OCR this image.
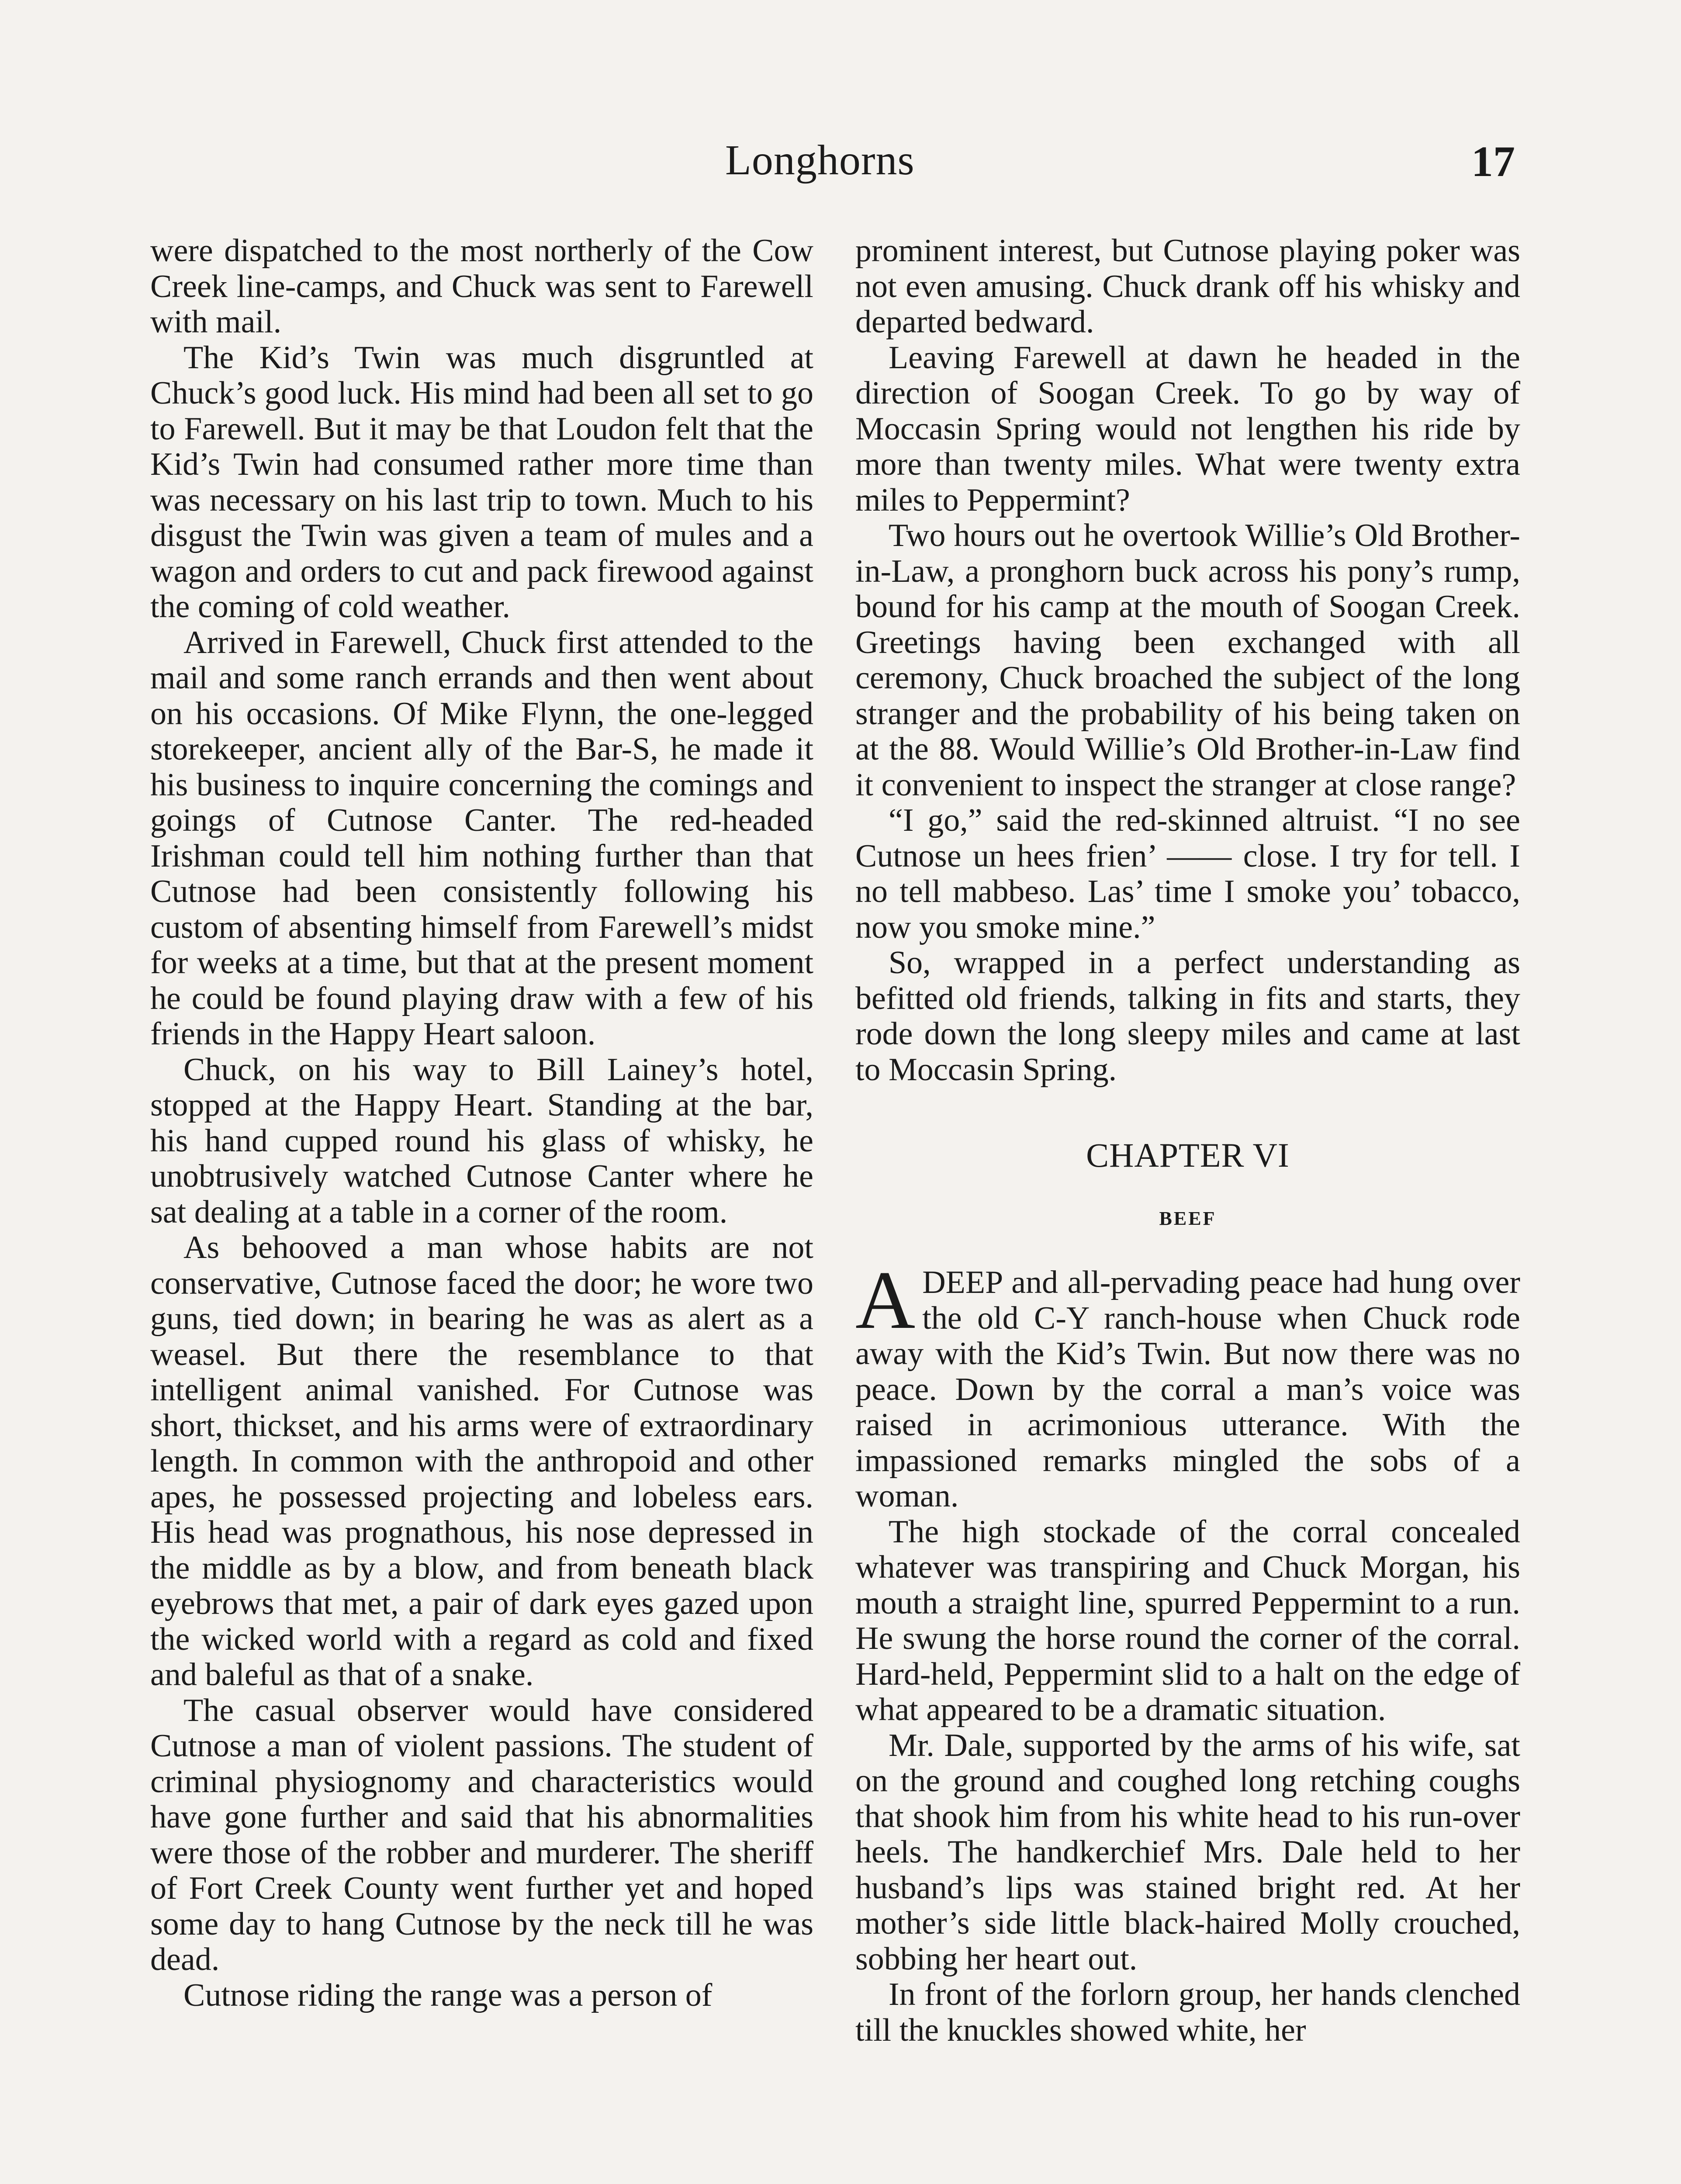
Longhorns	17

were dispatched to the most northerly of the Cow Creek line-camps, and Chuck was sent to Farewell with mail.

The Kid’s Twin was much disgruntled at Chuck’s good luck. His mind had been all set to go to Farewell. But it may be that Loudon felt that the Kid’s Twin had consumed rather more time than was necessary on his last trip to town. Much to his disgust the Twin was given a team of mules and a wagon and orders to cut and pack firewood against the coming of cold weather.

Arrived in Farewell, Chuck first attended to the mail and some ranch errands and then went about on his occasions. Of Mike Flynn, the one-legged storekeeper, ancient ally of the Bar-S, he made it his business to inquire concerning the comings and goings of Cutnose Canter. The red-headed Irishman could tell him nothing further than that Cutnose had been consistently following his custom of absenting himself from Farewell’s midst for weeks at a time, but that at the present moment he could be found playing draw with a few of his friends in the Happy Heart saloon.

Chuck, on his way to Bill Lainey’s hotel, stopped at the Happy Heart. Standing at the bar, his hand cupped round his glass of whisky, he unobtrusively watched Cutnose Canter where he sat dealing at a table in a corner of the room.

As behooved a man whose habits are not conservative, Cutnose faced the door; he wore two guns, tied down; in bearing he was as alert as a weasel. But there the resemblance to that intelligent animal vanished. For Cutnose was short, thickset, and his arms were of extraordinary length. In common with the anthropoid and other apes, he possessed projecting and lobeless ears. His head was prognathous, his nose depressed in the middle as by a blow, and from beneath black eyebrows that met, a pair of dark eyes gazed upon the wicked world with a regard as cold and fixed and baleful as that of a snake.

The casual observer would have considered Cutnose a man of violent passions. The student of criminal physiognomy and characteristics would have gone further and said that his abnormalities were those of the robber and murderer. The sheriff of Fort Creek County went further yet and hoped some day to hang Cutnose by the neck till he was dead.

Cutnose riding the range was a person of

prominent interest, but Cutnose playing poker was not even amusing. Chuck drank off his whisky and departed bedward.

Leaving Farewell at dawn he headed in the direction of Soogan Creek. To go by way of Moccasin Spring would not lengthen his ride by more than twenty miles. What were twenty extra miles to Peppermint?

Two hours out he overtook Willie’s Old Brother-in-Law, a pronghorn buck across his pony’s rump, bound for his camp at the mouth of Soogan Creek. Greetings having been exchanged with all ceremony, Chuck broached the subject of the long stranger and the probability of his being taken on at the 88. Would Willie’s Old Brother-in-Law find it convenient to inspect the stranger at close range?

“I go,” said the red-skinned altruist. “I no see Cutnose un hees frien’ —— close. I try for tell. I no tell mabbeso. Las’ time I smoke you’ tobacco, now you smoke mine.”

So, wrapped in a perfect understanding as befitted old friends, talking in fits and starts, they rode down the long sleepy miles and came at last to Moccasin Spring.

CHAPTER VI
BEEF

ADEEP and all-pervading peace had hung over the old C-Y ranch-house when Chuck rode away with the Kid’s Twin. But now there was no peace. Down by the corral a man’s voice was raised in acrimonious utterance. With the impassioned remarks mingled the sobs of a woman.

The high stockade of the corral concealed whatever was transpiring and Chuck Morgan, his mouth a straight line, spurred Peppermint to a run. He swung the horse round the corner of the corral. Hard-held, Peppermint slid to a halt on the edge of what appeared to be a dramatic situation.

Mr. Dale, supported by the arms of his wife, sat on the ground and coughed long retching coughs that shook him from his white head to his run-over heels. The handkerchief Mrs. Dale held to her husband’s lips was stained bright red. At her mother’s side little black-haired Molly crouched, sobbing her heart out.

In front of the forlorn group, her hands clenched till the knuckles showed white, her
